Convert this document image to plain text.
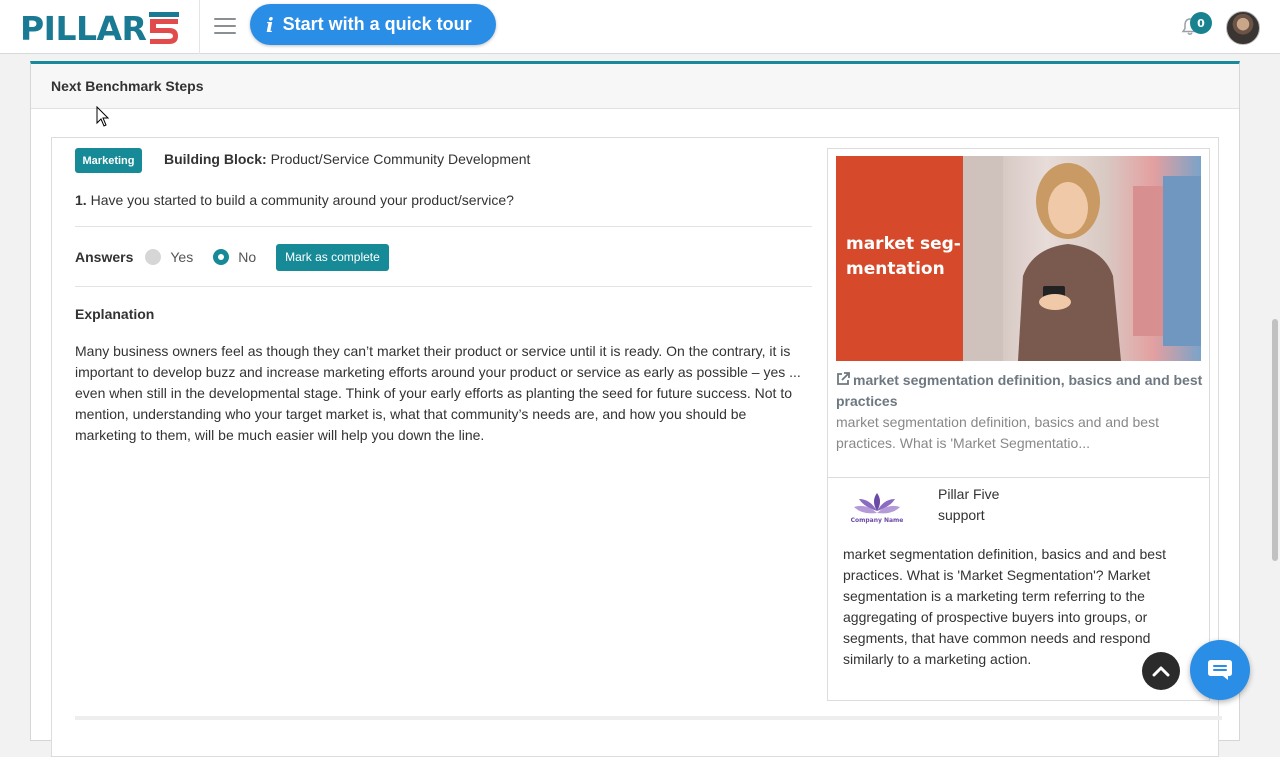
PILLAR	i Start with a quick tour	0
Next Benchmark Steps
Marketing	Building Block: Product/Service Community Development
1. Have you started to build a community around your product/service?
Answers	Yes	No	Mark as complete
Explanation
Many business owners feel as though they can’t market their product or service until it is ready. On the contrary, it is important to develop buzz and increase marketing efforts around your product or service as early as possible – yes ... even when still in the developmental stage. Think of your early efforts as planting the seed for future success. Not to mention, understanding who your target market is, what that community’s needs are, and how you should be marketing to them, will be much easier will help you down the line.
market seg-
mentation
market segmentation definition, basics and and best practices
market segmentation definition, basics and and best practices. What is 'Market Segmentatio...
Company Name
Pillar Five
support
market segmentation definition, basics and and best practices. What is 'Market Segmentation'? Market segmentation is a marketing term referring to the aggregating of prospective buyers into groups, or segments, that have common needs and respond similarly to a marketing action.
